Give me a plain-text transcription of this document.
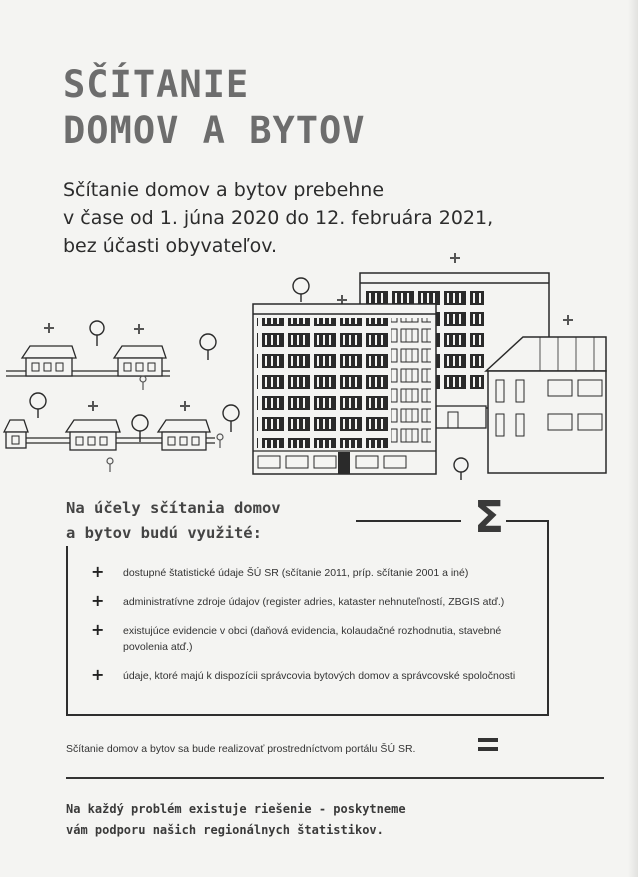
SČÍTANIE
DOMOV A BYTOV

Sčítanie domov a bytov prebehne
v čase od 1. júna 2020 do 12. februára 2021,
bez účasti obyvateľov.

Na účely sčítania domov
a bytov budú využité:	Σ
+ dostupné štatistické údaje ŠÚ SR (sčítanie 2011, príp. sčítanie 2001 a iné)
+ administratívne zdroje údajov (register adries, kataster nehnuteľností, ZBGIS atď.)
+ existujúce evidencie v obci (daňová evidencia, kolaudačné rozhodnutia, stavebné povolenia atď.)
+ údaje, ktoré majú k dispozícii správcovia bytových domov a správcovské spoločnosti

Sčítanie domov a bytov sa bude realizovať prostredníctvom portálu ŠÚ SR.

Na každý problém existuje riešenie - poskytneme
vám podporu našich regionálnych štatistikov.
